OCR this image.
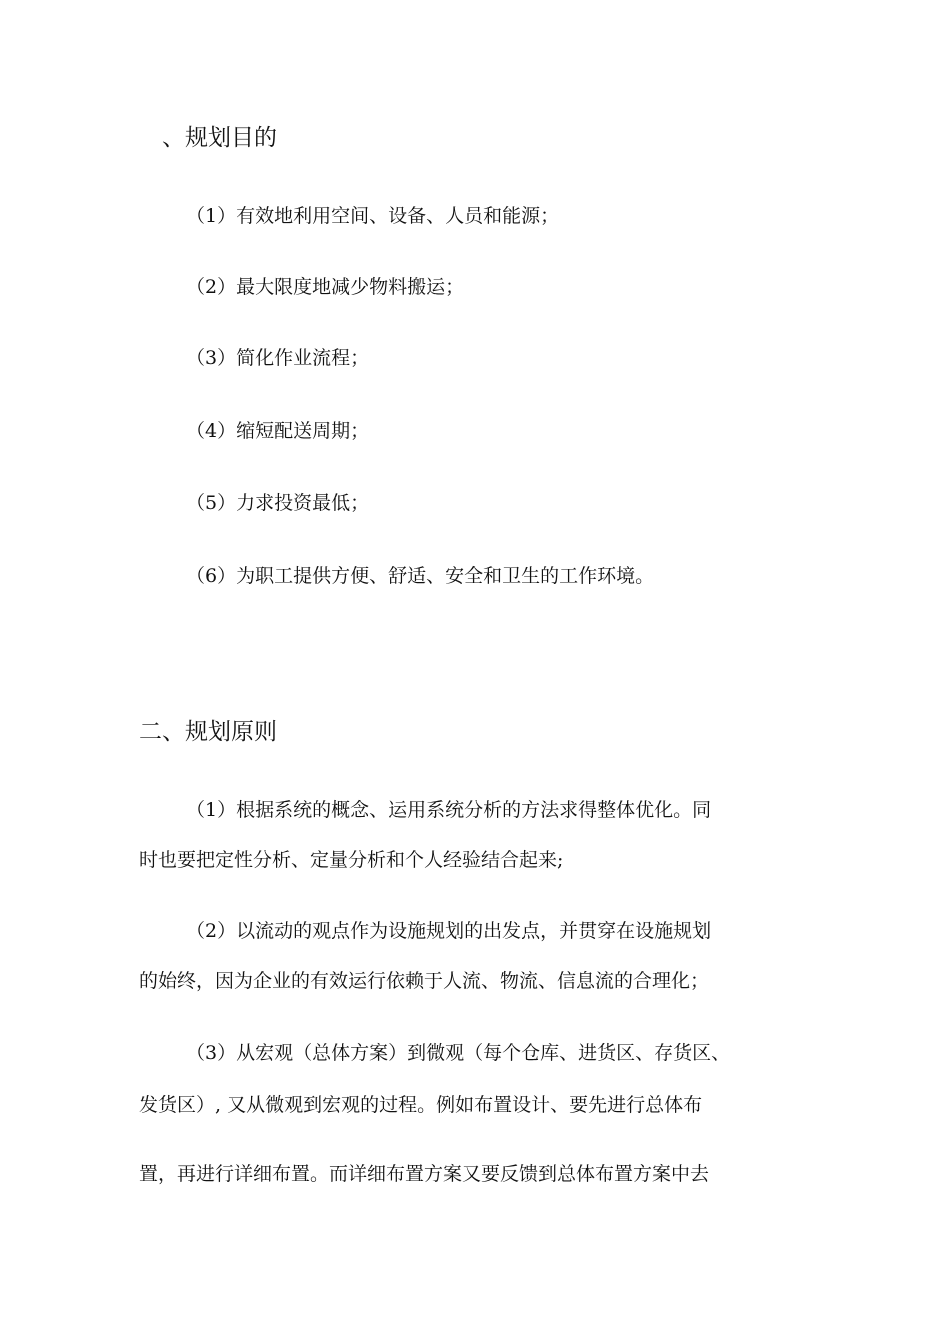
、规划目的
（1）有效地利用空间、设备、人员和能源；
（2）最大限度地减少物料搬运；
（3）简化作业流程；
（4）缩短配送周期；
（5）力求投资最低；
（6）为职工提供方便、舒适、安全和卫生的工作环境。
二、规划原则
（1）根据系统的概念、运用系统分析的方法求得整体优化。同
时也要把定性分析、定量分析和个人经验结合起来;
（2）以流动的观点作为设施规划的出发点，并贯穿在设施规划
的始终，因为企业的有效运行依赖于人流、物流、信息流的合理化；
（3）从宏观（总体方案）到微观（每个仓库、进货区、存货区、
发货区）, 又从微观到宏观的过程。例如布置设计、要先进行总体布
置，再进行详细布置。而详细布置方案又要反馈到总体布置方案中去
